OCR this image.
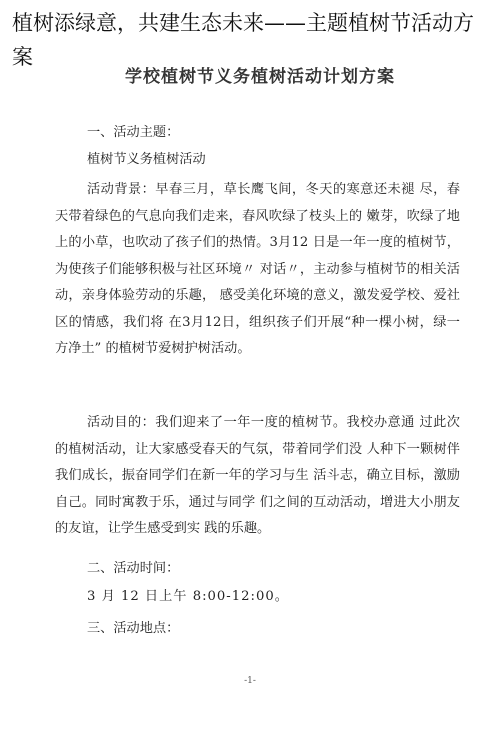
学校植树节义务植树活动计划方案
一、活动主题：
植树节义务植树活动
活动背景：早春三月，草长鹰飞间，冬天的寒意还未褪 尽，春天带着绿色的气息向我们走来，春风吹绿了枝头上的 嫩芽，吹绿了地上的小草，也吹动了孩子们的热情。3月12 日是一年一度的植树节，为使孩子们能够积极与社区环境〃 对话〃，主动参与植树节的相关活动，亲身体验劳动的乐趣， 感受美化环境的意义，激发爱学校、爱社区的情感，我们将 在3月12日，组织孩子们开展“种一棵小树，绿一方净土” 的植树节爱树护树活动。
活动目的：我们迎来了一年一度的植树节。我校办意通 过此次的植树活动，让大家感受春天的气氛，带着同学们没 人种下一颗树伴我们成长，振奋同学们在新一年的学习与生 活斗志，确立目标，激励自己。同时寓教于乐，通过与同学 们之间的互动活动，增进大小朋友的友谊，让学生感受到实 践的乐趣。
二、活动时间：
3 月 12 日上午 8:00-12:00。
三、活动地点：
-1-
植树添绿意，共建生态未来——主题植树节活动方案
